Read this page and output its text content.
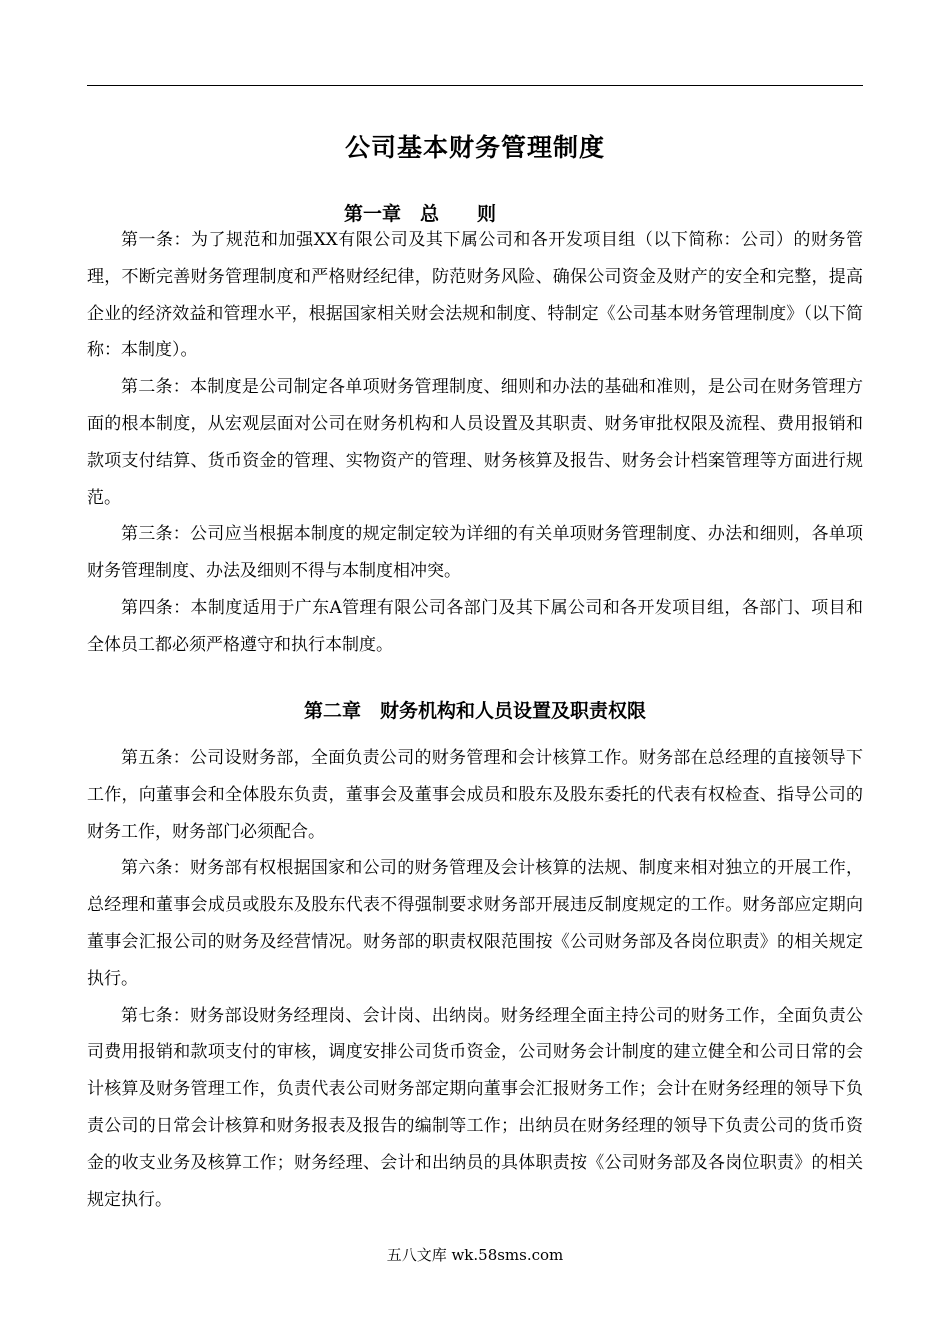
公司基本财务管理制度
第一章　总　　则

第一条：为了规范和加强XX有限公司及其下属公司和各开发项目组（以下简称：公司）的财务管理，不断完善财务管理制度和严格财经纪律，防范财务风险、确保公司资金及财产的安全和完整，提高企业的经济效益和管理水平，根据国家相关财会法规和制度、特制定《公司基本财务管理制度》（以下简称：本制度）。

第二条：本制度是公司制定各单项财务管理制度、细则和办法的基础和准则，是公司在财务管理方面的根本制度，从宏观层面对公司在财务机构和人员设置及其职责、财务审批权限及流程、费用报销和款项支付结算、货币资金的管理、实物资产的管理、财务核算及报告、财务会计档案管理等方面进行规范。

第三条：公司应当根据本制度的规定制定较为详细的有关单项财务管理制度、办法和细则，各单项财务管理制度、办法及细则不得与本制度相冲突。

第四条：本制度适用于广东A管理有限公司各部门及其下属公司和各开发项目组，各部门、项目和全体员工都必须严格遵守和执行本制度。

第二章　财务机构和人员设置及职责权限

第五条：公司设财务部，全面负责公司的财务管理和会计核算工作。财务部在总经理的直接领导下工作，向董事会和全体股东负责，董事会及董事会成员和股东及股东委托的代表有权检查、指导公司的财务工作，财务部门必须配合。

第六条：财务部有权根据国家和公司的财务管理及会计核算的法规、制度来相对独立的开展工作，总经理和董事会成员或股东及股东代表不得强制要求财务部开展违反制度规定的工作。财务部应定期向董事会汇报公司的财务及经营情况。财务部的职责权限范围按《公司财务部及各岗位职责》的相关规定执行。

第七条：财务部设财务经理岗、会计岗、出纳岗。财务经理全面主持公司的财务工作，全面负责公司费用报销和款项支付的审核，调度安排公司货币资金，公司财务会计制度的建立健全和公司日常的会计核算及财务管理工作，负责代表公司财务部定期向董事会汇报财务工作；会计在财务经理的领导下负责公司的日常会计核算和财务报表及报告的编制等工作；出纳员在财务经理的领导下负责公司的货币资金的收支业务及核算工作；财务经理、会计和出纳员的具体职责按《公司财务部及各岗位职责》的相关规定执行。

五八文库 wk.58sms.com
